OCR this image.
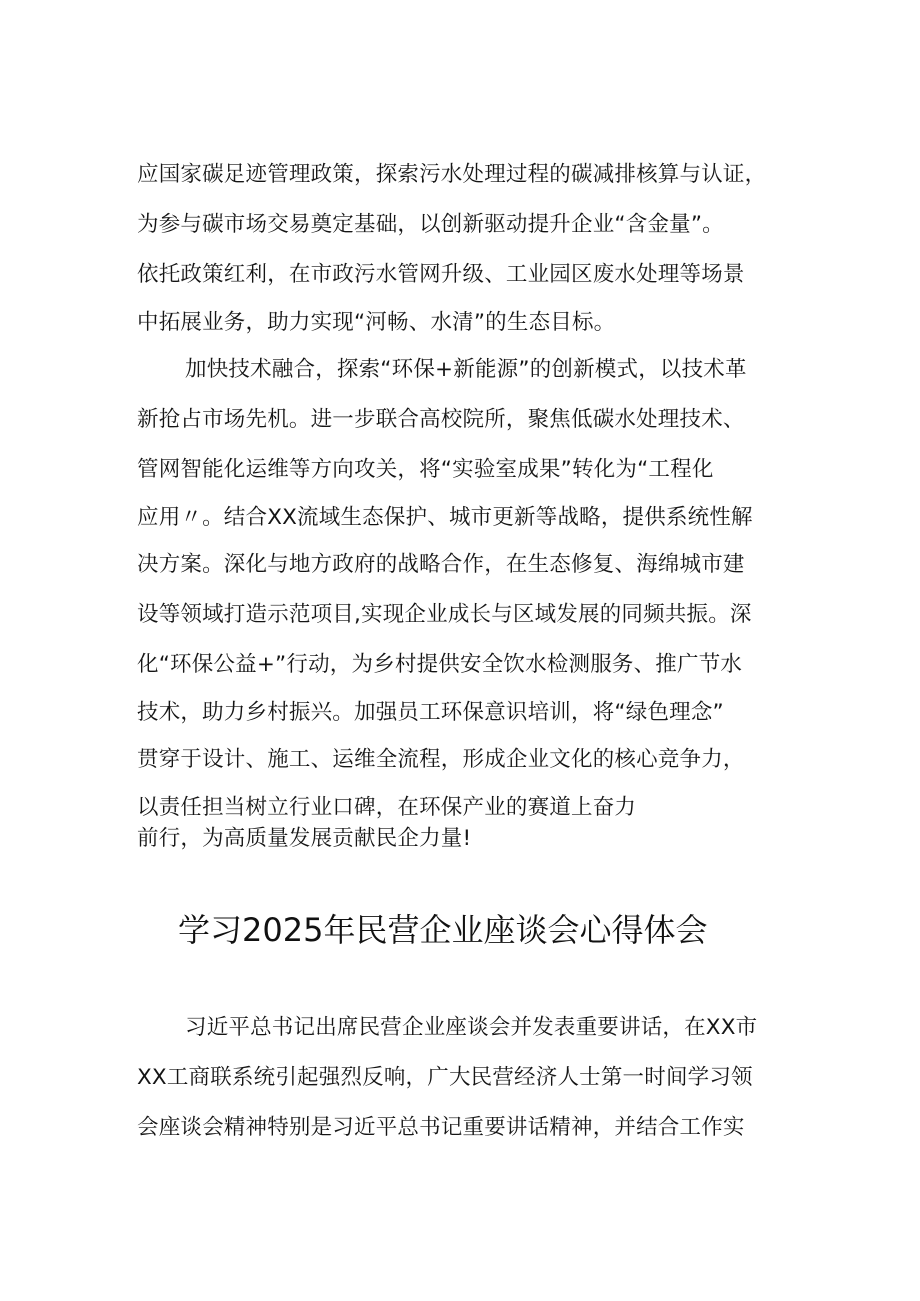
应国家碳足迹管理政策，探索污水处理过程的碳减排核算与认证，
为参与碳市场交易奠定基础，以创新驱动提升企业“含金量”。
依托政策红利，在市政污水管网升级、工业园区废水处理等场景
中拓展业务，助力实现“河畅、水清”的生态目标。
加快技术融合，探索“环保+新能源”的创新模式，以技术革
新抢占市场先机。进一步联合高校院所，聚焦低碳水处理技术、
管网智能化运维等方向攻关，将“实验室成果”转化为“工程化
应用〃。结合XX流域生态保护、城市更新等战略，提供系统性解
决方案。深化与地方政府的战略合作，在生态修复、海绵城市建
设等领域打造示范项目,实现企业成长与区域发展的同频共振。深
化“环保公益+”行动，为乡村提供安全饮水检测服务、推广节水
技术，助力乡村振兴。加强员工环保意识培训，将“绿色理念”
贯穿于设计、施工、运维全流程，形成企业文化的核心竞争力，
以责任担当树立行业口碑，在环保产业的赛道上奋力
前行，为高质量发展贡献民企力量!
学习2025年民营企业座谈会心得体会
习近平总书记出席民营企业座谈会并发表重要讲话，在XX市
XX工商联系统引起强烈反响，广大民营经济人士第一时间学习领
会座谈会精神特别是习近平总书记重要讲话精神，并结合工作实
